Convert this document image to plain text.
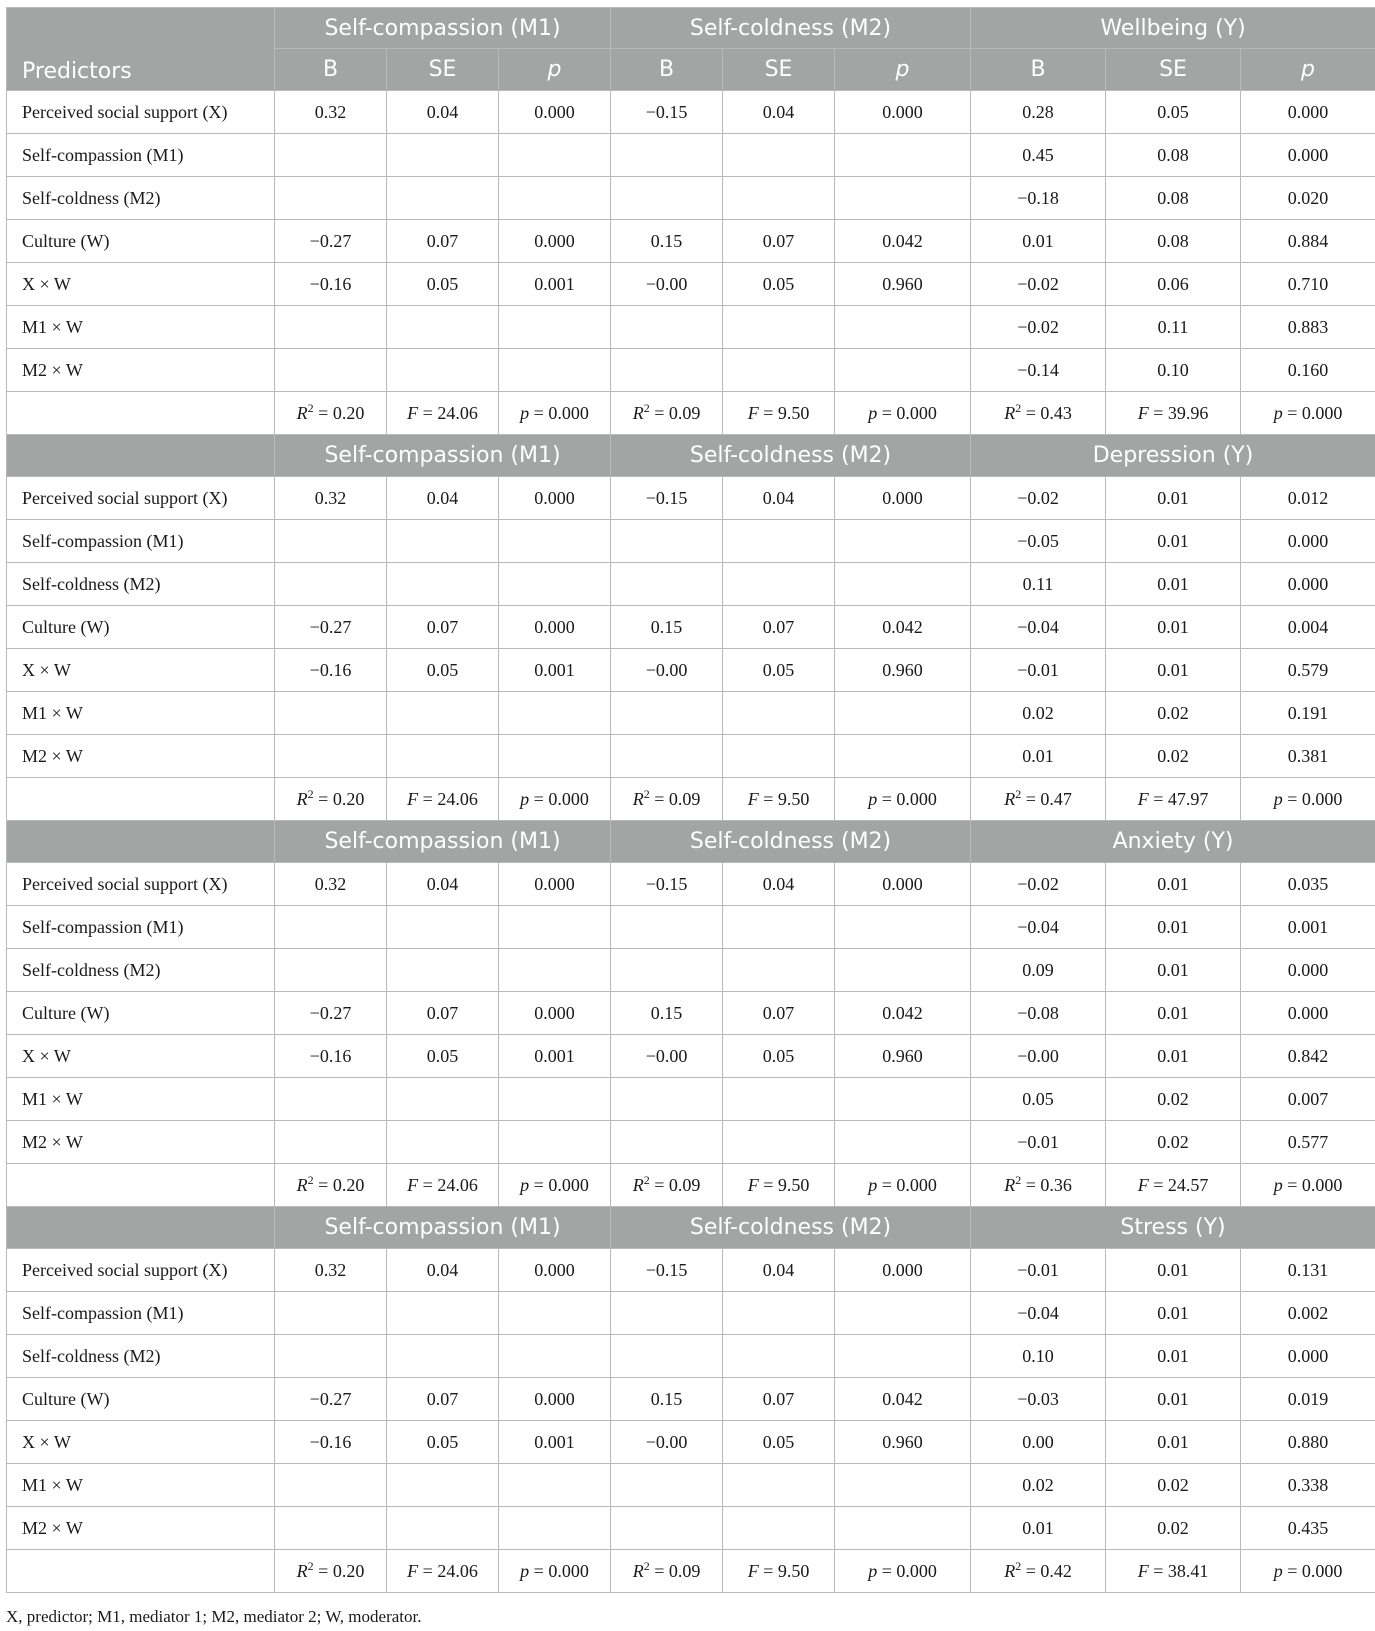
Predictors	Self-compassion (M1)			Self-coldness (M2)			Wellbeing (Y)		
	B	SE	p	B	SE	p	B	SE	p
Perceived social support (X)	0.32	0.04	0.000	−0.15	0.04	0.000	0.28	0.05	0.000
Self-compassion (M1)							0.45	0.08	0.000
Self-coldness (M2)							−0.18	0.08	0.020
Culture (W)	−0.27	0.07	0.000	0.15	0.07	0.042	0.01	0.08	0.884
X × W	−0.16	0.05	0.001	−0.00	0.05	0.960	−0.02	0.06	0.710
M1 × W							−0.02	0.11	0.883
M2 × W							−0.14	0.10	0.160
	$R^2 = 0.20$	F = 24.06	p = 0.000	$R^2 = 0.09$	F = 9.50	p = 0.000	$R^2 = 0.43$	F = 39.96	p = 0.000
	Self-compassion (M1)			Self-coldness (M2)			Depression (Y)		
Perceived social support (X)	0.32	0.04	0.000	−0.15	0.04	0.000	−0.02	0.01	0.012
Self-compassion (M1)							−0.05	0.01	0.000
Self-coldness (M2)							0.11	0.01	0.000
Culture (W)	−0.27	0.07	0.000	0.15	0.07	0.042	−0.04	0.01	0.004
X × W	−0.16	0.05	0.001	−0.00	0.05	0.960	−0.01	0.01	0.579
M1 × W							0.02	0.02	0.191
M2 × W							0.01	0.02	0.381
	$R^2 = 0.20$	F = 24.06	p = 0.000	$R^2 = 0.09$	F = 9.50	p = 0.000	$R^2 = 0.47$	F = 47.97	p = 0.000
	Self-compassion (M1)			Self-coldness (M2)			Anxiety (Y)		
Perceived social support (X)	0.32	0.04	0.000	−0.15	0.04	0.000	−0.02	0.01	0.035
Self-compassion (M1)							−0.04	0.01	0.001
Self-coldness (M2)							0.09	0.01	0.000
Culture (W)	−0.27	0.07	0.000	0.15	0.07	0.042	−0.08	0.01	0.000
X × W	−0.16	0.05	0.001	−0.00	0.05	0.960	−0.00	0.01	0.842
M1 × W							0.05	0.02	0.007
M2 × W							−0.01	0.02	0.577
	$R^2 = 0.20$	F = 24.06	p = 0.000	$R^2 = 0.09$	F = 9.50	p = 0.000	$R^2 = 0.36$	F = 24.57	p = 0.000
	Self-compassion (M1)			Self-coldness (M2)			Stress (Y)		
Perceived social support (X)	0.32	0.04	0.000	−0.15	0.04	0.000	−0.01	0.01	0.131
Self-compassion (M1)							−0.04	0.01	0.002
Self-coldness (M2)							0.10	0.01	0.000
Culture (W)	−0.27	0.07	0.000	0.15	0.07	0.042	−0.03	0.01	0.019
X × W	−0.16	0.05	0.001	−0.00	0.05	0.960	0.00	0.01	0.880
M1 × W							0.02	0.02	0.338
M2 × W							0.01	0.02	0.435
	$R^2 = 0.20$	F = 24.06	p = 0.000	$R^2 = 0.09$	F = 9.50	p = 0.000	$R^2 = 0.42$	F = 38.41	p = 0.000
X, predictor; M1, mediator 1; M2, mediator 2; W, moderator.
